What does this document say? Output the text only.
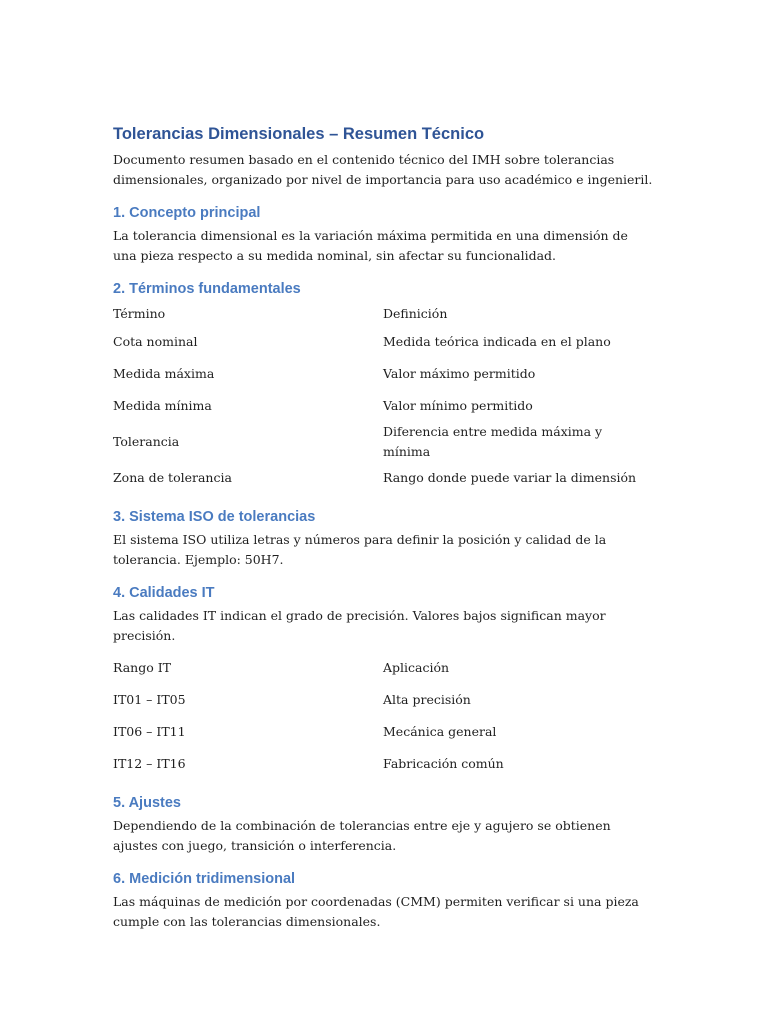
Tolerancias Dimensionales – Resumen Técnico

Documento resumen basado en el contenido técnico del IMH sobre tolerancias dimensionales, organizado por nivel de importancia para uso académico e ingenieril.

1. Concepto principal

La tolerancia dimensional es la variación máxima permitida en una dimensión de una pieza respecto a su medida nominal, sin afectar su funcionalidad.

2. Términos fundamentales
Término	Definición
Cota nominal	Medida teórica indicada en el plano
Medida máxima	Valor máximo permitido
Medida mínima	Valor mínimo permitido
Tolerancia	Diferencia entre medida máxima y mínima
Zona de tolerancia	Rango donde puede variar la dimensión
3. Sistema ISO de tolerancias

El sistema ISO utiliza letras y números para definir la posición y calidad de la tolerancia. Ejemplo: 50H7.

4. Calidades IT

Las calidades IT indican el grado de precisión. Valores bajos significan mayor precisión.

Rango IT	Aplicación
IT01 – IT05	Alta precisión
IT06 – IT11	Mecánica general
IT12 – IT16	Fabricación común
5. Ajustes

Dependiendo de la combinación de tolerancias entre eje y agujero se obtienen ajustes con juego, transición o interferencia.

6. Medición tridimensional

Las máquinas de medición por coordenadas (CMM) permiten verificar si una pieza cumple con las tolerancias dimensionales.
